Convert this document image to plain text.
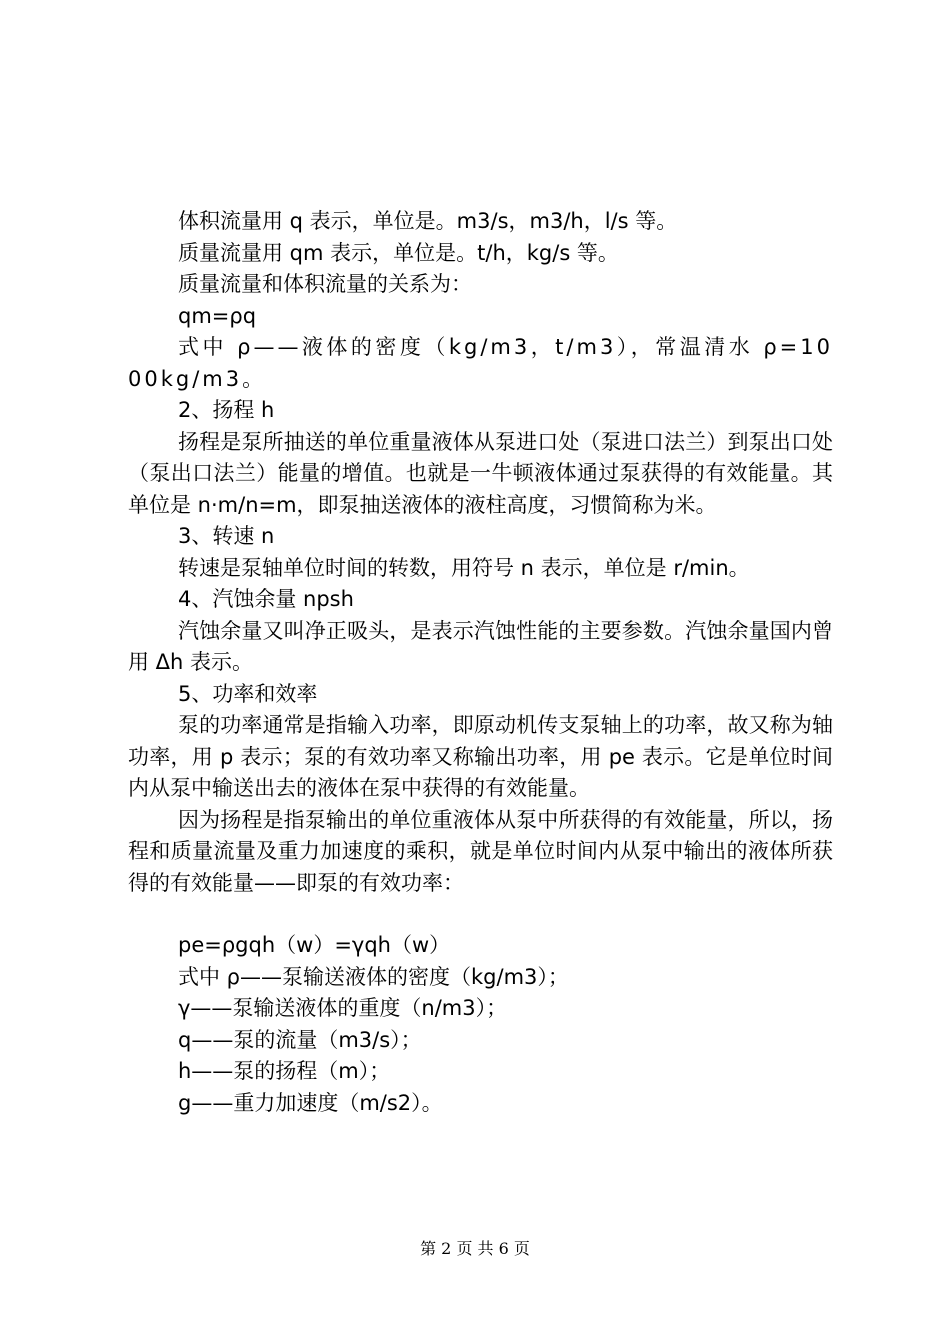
体积流量用 q 表示，单位是。m3/s，m3/h，l/s 等。

质量流量用 qm 表示，单位是。t/h，kg/s 等。

质量流量和体积流量的关系为：

qm=ρq

式中 ρ——液体的密度（kg/m3，t/m3），常温清水 ρ=1000kg/m3。

2、扬程 h

扬程是泵所抽送的单位重量液体从泵进口处（泵进口法兰）到泵出口处（泵出口法兰）能量的增值。也就是一牛顿液体通过泵获得的有效能量。其单位是 n·m/n=m，即泵抽送液体的液柱高度，习惯简称为米。

3、转速 n

转速是泵轴单位时间的转数，用符号 n 表示，单位是 r/min。

4、汽蚀余量 npsh

汽蚀余量又叫净正吸头，是表示汽蚀性能的主要参数。汽蚀余量国内曾用 Δh 表示。

5、功率和效率

泵的功率通常是指输入功率，即原动机传支泵轴上的功率，故又称为轴功率，用 p 表示；泵的有效功率又称输出功率，用 pe 表示。它是单位时间内从泵中输送出去的液体在泵中获得的有效能量。

因为扬程是指泵输出的单位重液体从泵中所获得的有效能量，所以，扬程和质量流量及重力加速度的乘积，就是单位时间内从泵中输出的液体所获得的有效能量——即泵的有效功率：

pe=ρgqh（w）=γqh（w）

式中 ρ——泵输送液体的密度（kg/m3）；

γ——泵输送液体的重度（n/m3）；

q——泵的流量（m3/s）；

h——泵的扬程（m）；

g——重力加速度（m/s2）。

第 2 页 共 6 页
